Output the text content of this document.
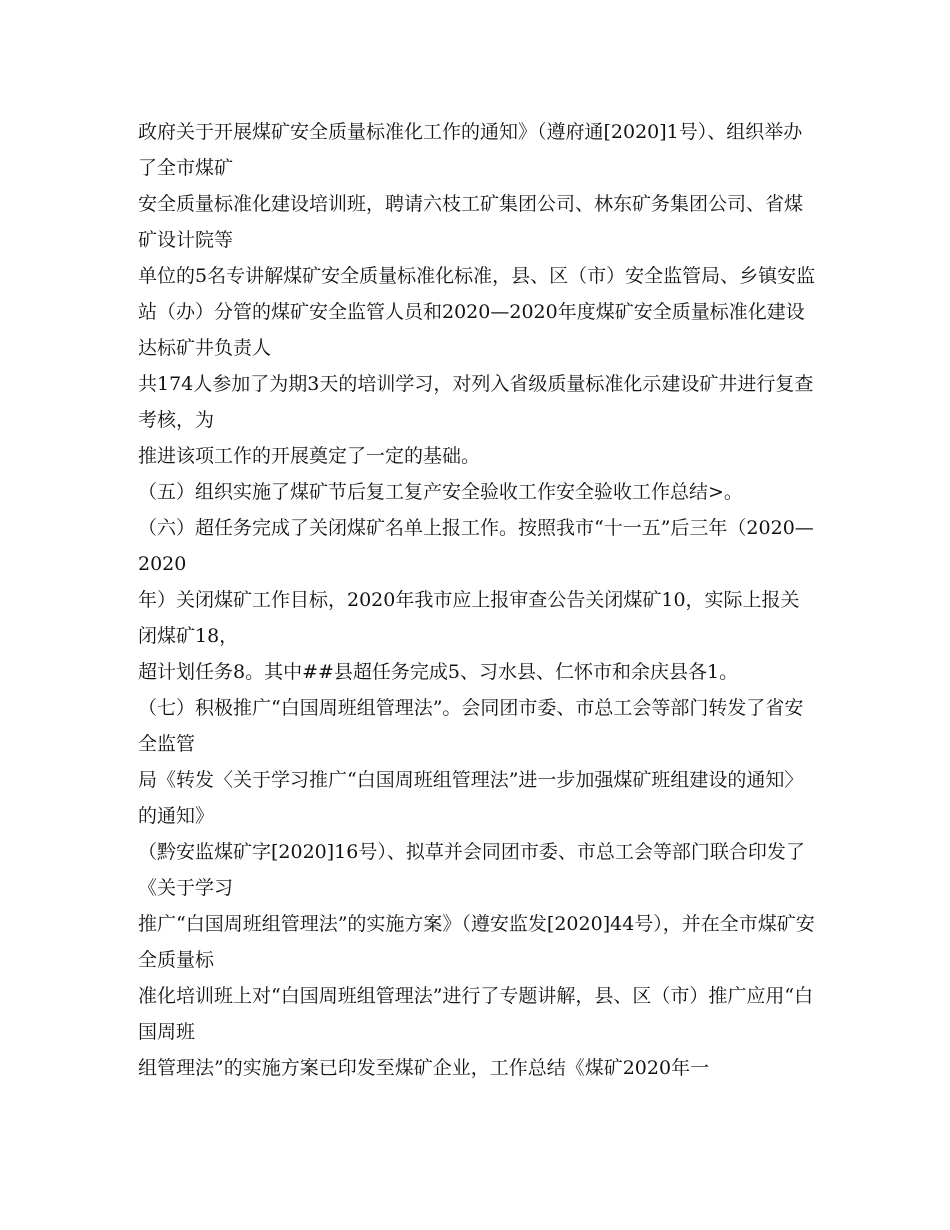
政府关于开展煤矿安全质量标准化工作的通知》（遵府通[2020]1号）、组织举办了全市煤矿

安全质量标准化建设培训班，聘请六枝工矿集团公司、林东矿务集团公司、省煤矿设计院等

单位的5名专讲解煤矿安全质量标准化标准，县、区（市）安全监管局、乡镇安监站（办）分管的煤矿安全监管人员和2020—2020年度煤矿安全质量标准化建设达标矿井负责人

共174人参加了为期3天的培训学习，对列入省级质量标准化示建设矿井进行复查考核，为

推进该项工作的开展奠定了一定的基础。

（五）组织实施了煤矿节后复工复产安全验收工作安全验收工作总结>。

（六）超任务完成了关闭煤矿名单上报工作。按照我市“十一五”后三年（2020—2020

年）关闭煤矿工作目标，2020年我市应上报审查公告关闭煤矿10，实际上报关闭煤矿18，

超计划任务8。其中##县超任务完成5、习水县、仁怀市和余庆县各1。

（七）积极推广“白国周班组管理法”。会同团市委、市总工会等部门转发了省安全监管

局《转发〈关于学习推广“白国周班组管理法”进一步加强煤矿班组建设的通知〉的通知》

（黔安监煤矿字[2020]16号）、拟草并会同团市委、市总工会等部门联合印发了《关于学习

推广“白国周班组管理法”的实施方案》（遵安监发[2020]44号），并在全市煤矿安全质量标

准化培训班上对“白国周班组管理法”进行了专题讲解，县、区（市）推广应用“白国周班

组管理法”的实施方案已印发至煤矿企业，工作总结《煤矿2020年一
